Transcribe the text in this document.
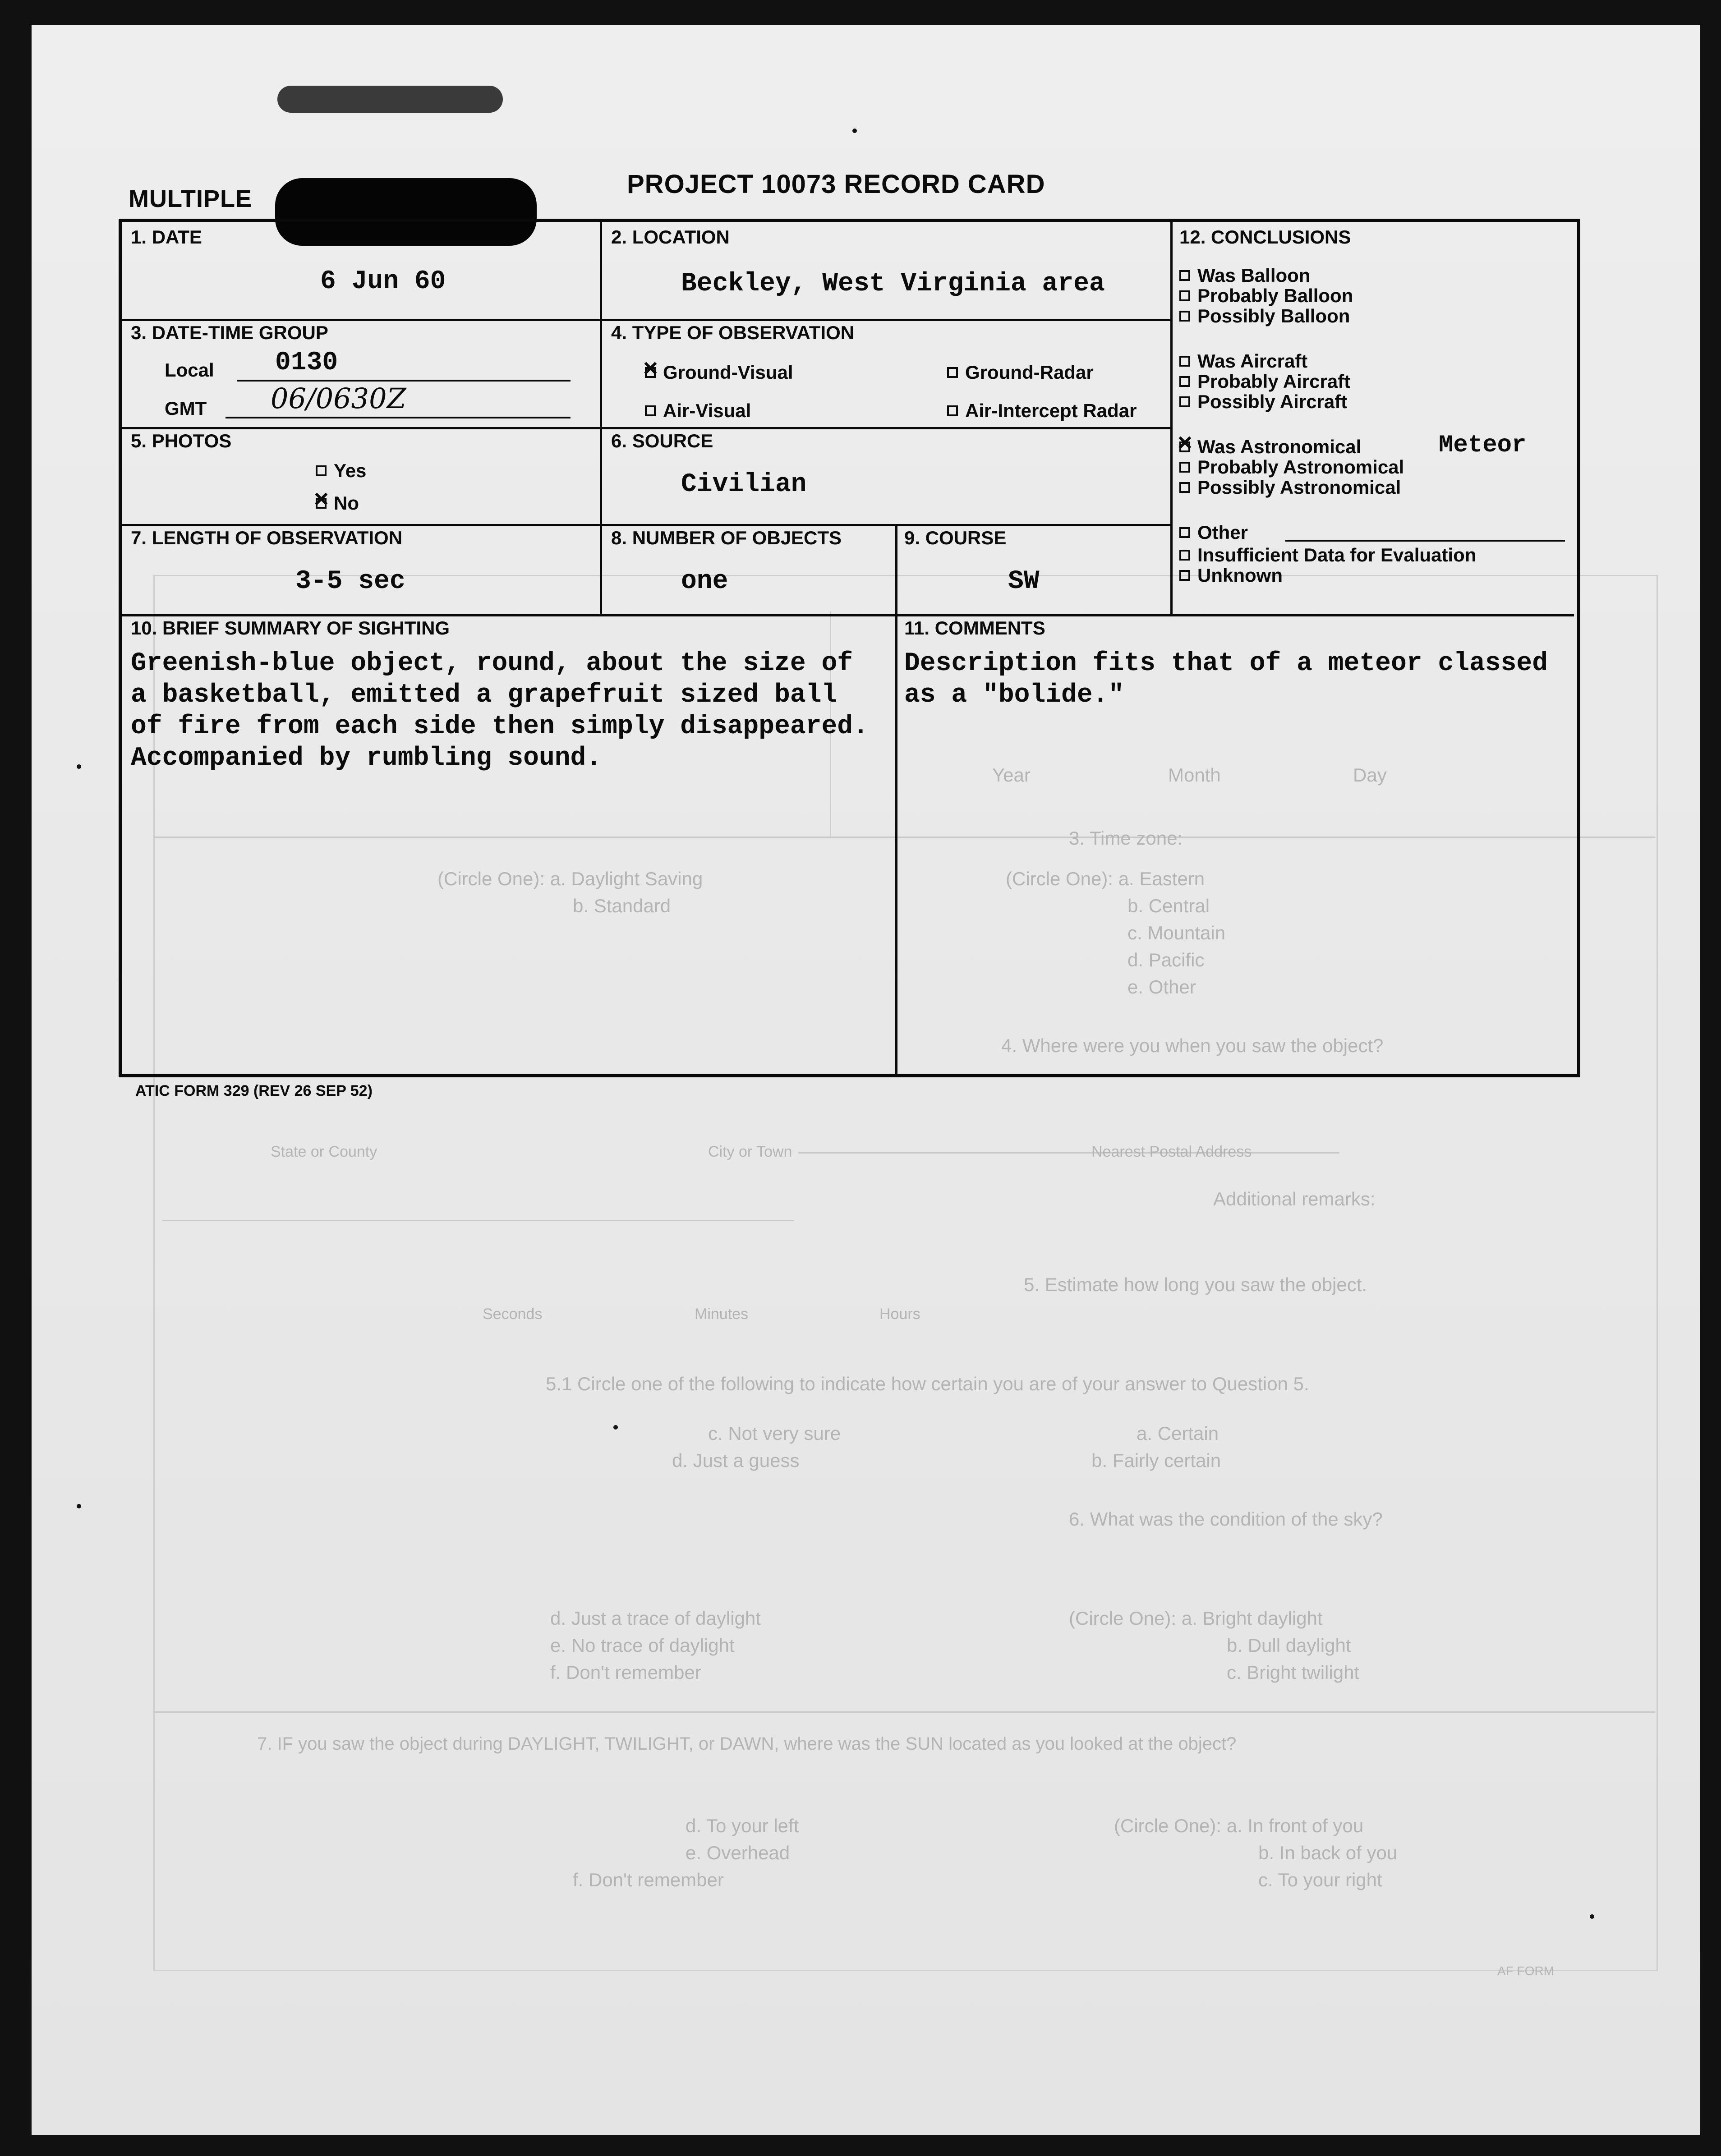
3. Time zone:
(Circle One): a. Eastern
b. Central
c. Mountain
d. Pacific
e. Other
(Circle One): a. Daylight Saving
b. Standard
Day
Month
Year
4. Where were you when you saw the object?
Nearest Postal Address
City or Town
State or County
Additional remarks:
5. Estimate how long you saw the object.
Hours
Minutes
Seconds
5.1 Circle one of the following to indicate how certain you are of your answer to Question 5.
a. Certain
b. Fairly certain
c. Not very sure
d. Just a guess
6. What was the condition of the sky?
(Circle One): a. Bright daylight
b. Dull daylight
c. Bright twilight
d. Just a trace of daylight
e. No trace of daylight
f. Don't remember
7. IF you saw the object during DAYLIGHT, TWILIGHT, or DAWN, where was the SUN located as you looked at the object?
(Circle One): a. In front of you
b. In back of you
c. To your right
d. To your left
e. Overhead
f. Don't remember
AF FORM
MULTIPLE	PROJECT 10073 RECORD CARD
1. DATE
6 Jun 60
2. LOCATION
Beckley, West Virginia area
3. DATE-TIME GROUP
Local 0130
GMT 06/0630Z
4. TYPE OF OBSERVATION
×
Ground-Visual	Ground-Radar
Air-Visual	Air-Intercept Radar
5. PHOTOS
Yes
×
No
6. SOURCE
Civilian
7. LENGTH OF OBSERVATION
3-5 sec
8. NUMBER OF OBJECTS
one
9. COURSE
SW
10. BRIEF SUMMARY OF SIGHTING
Greenish-blue object, round, about the size of
a basketball, emitted a grapefruit sized ball
of fire from each side then simply disappeared.
Accompanied by rumbling sound.
11. COMMENTS
Description fits that of a meteor classed
as a "bolide."
12. CONCLUSIONS
Was Balloon
Probably Balloon
Possibly Balloon
Was Aircraft
Probably Aircraft
Possibly Aircraft
×
Was Astronomical	Meteor
Probably Astronomical
Possibly Astronomical
Other
Insufficient Data for Evaluation
Unknown
ATIC FORM 329 (REV 26 SEP 52)
